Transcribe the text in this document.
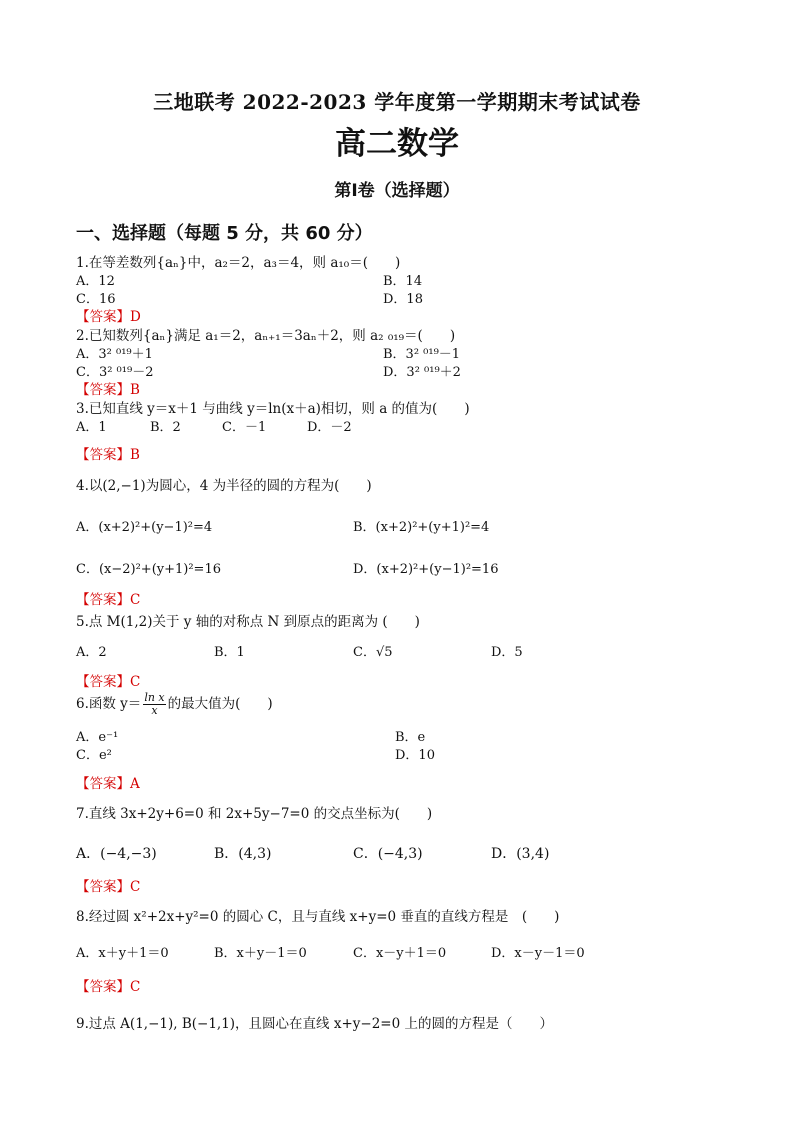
三地联考 2022-2023 学年度第一学期期末考试试卷
高二数学
第Ⅰ卷（选择题）
一、选择题（每题 5 分，共 60 分）
1.在等差数列{aₙ}中，a₂＝2，a₃＝4，则 a₁₀＝(　　)
A．12	B．14
C．16	D．18
【答案】D
2.已知数列{aₙ}满足 a₁＝2，aₙ₊₁＝3aₙ＋2，则 a₂ ₀₁₉＝(　　)
A．3² ⁰¹⁹＋1	B．3² ⁰¹⁹－1
C．3² ⁰¹⁹－2	D．3² ⁰¹⁹＋2
【答案】B
3.已知直线 y＝x＋1 与曲线 y＝ln(x＋a)相切，则 a 的值为(　　)
A．1	B．2	C．－1	D．－2
【答案】B
4.以(2,−1)为圆心，4 为半径的圆的方程为(　　)
A．(x+2)²+(y−1)²=4	B．(x+2)²+(y+1)²=4
C．(x−2)²+(y+1)²=16	D．(x+2)²+(y−1)²=16
【答案】C
5.点 M(1,2)关于 y 轴的对称点 N 到原点的距离为 (　　)
A．2	B．1	C．√5	D．5
【答案】C
6.函数 $y= \frac{\text{ln x}}{x}$ 的最大值为(　　)
A．e⁻¹	B．e
C．e²	D．10
【答案】A
7.直线 3x+2y+6=0 和 2x+5y−7=0 的交点坐标为(　　)
A．(−4,−3)	B．(4,3)	C．(−4,3)	D．(3,4)
【答案】C
8.经过圆 x²+2x+y²=0 的圆心 C，且与直线 x+y=0 垂直的直线方程是　(　　)
A．x＋y＋1＝0	B．x＋y－1＝0	C．x－y＋1＝0	D．x－y－1＝0
【答案】C
9.过点 A(1,−1), B(−1,1)，且圆心在直线 x+y−2=0 上的圆的方程是（　　）
